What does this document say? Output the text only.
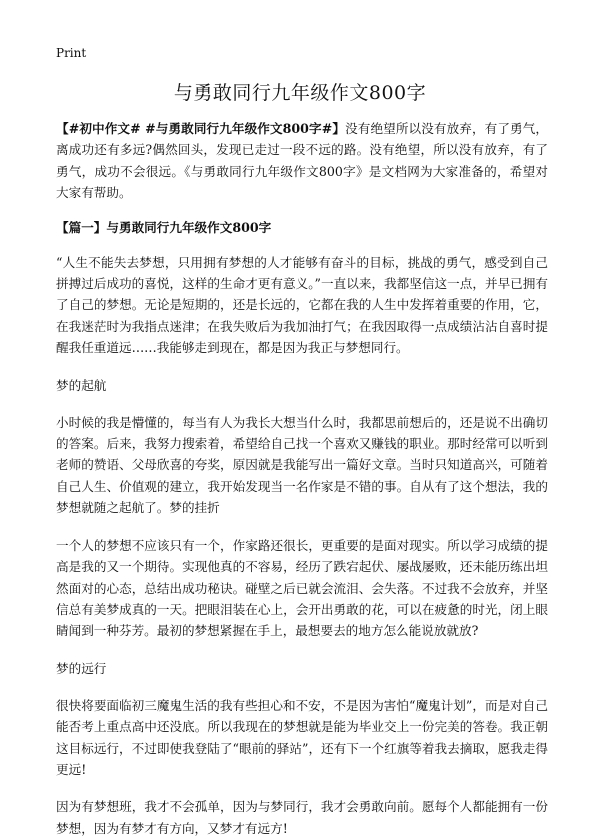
Print
与勇敢同行九年级作文800字

【#初中作文# #与勇敢同行九年级作文800字#】没有绝望所以没有放弃，有了勇气，离成功还有多远?偶然回头，发现已走过一段不远的路。没有绝望，所以没有放弃，有了勇气，成功不会很远。《与勇敢同行九年级作文800字》是文档网为大家准备的，希望对大家有帮助。

【篇一】与勇敢同行九年级作文800字

“人生不能失去梦想，只用拥有梦想的人才能够有奋斗的目标，挑战的勇气，感受到自己拼搏过后成功的喜悦，这样的生命才更有意义。”一直以来，我都坚信这一点，并早已拥有了自己的梦想。无论是短期的，还是长远的，它都在我的人生中发挥着重要的作用，它，在我迷茫时为我指点迷津；在我失败后为我加油打气；在我因取得一点成绩沾沾自喜时提醒我任重道远……我能够走到现在，都是因为我正与梦想同行。

梦的起航

小时候的我是懵懂的，每当有人为我长大想当什么时，我都思前想后的，还是说不出确切的答案。后来，我努力搜索着，希望给自己找一个喜欢又赚钱的职业。那时经常可以听到老师的赞语、父母欣喜的夸奖，原因就是我能写出一篇好文章。当时只知道高兴，可随着自己人生、价值观的建立，我开始发现当一名作家是不错的事。自从有了这个想法，我的梦想就随之起航了。梦的挂折

一个人的梦想不应该只有一个，作家路还很长，更重要的是面对现实。所以学习成绩的提高是我的又一个期待。实现他真的不容易，经历了跌宕起伏、屡战屡败，还未能历练出坦然面对的心态，总结出成功秘诀。碰壁之后已就会流泪、会失落。不过我不会放弃，并坚信总有美梦成真的一天。把眼泪装在心上，会开出勇敢的花，可以在疲惫的时光，闭上眼睛闻到一种芬芳。最初的梦想紧握在手上，最想要去的地方怎么能说放就放?

梦的远行

很快将要面临初三魔鬼生活的我有些担心和不安，不是因为害怕“魔鬼计划”，而是对自己能否考上重点高中还没底。所以我现在的梦想就是能为毕业交上一份完美的答卷。我正朝这目标远行，不过即使我登陆了“眼前的驿站”，还有下一个红旗等着我去摘取，愿我走得更远!

因为有梦想班，我才不会孤单，因为与梦同行，我才会勇敢向前。愿每个人都能拥有一份梦想，因为有梦才有方向，又梦才有远方!
